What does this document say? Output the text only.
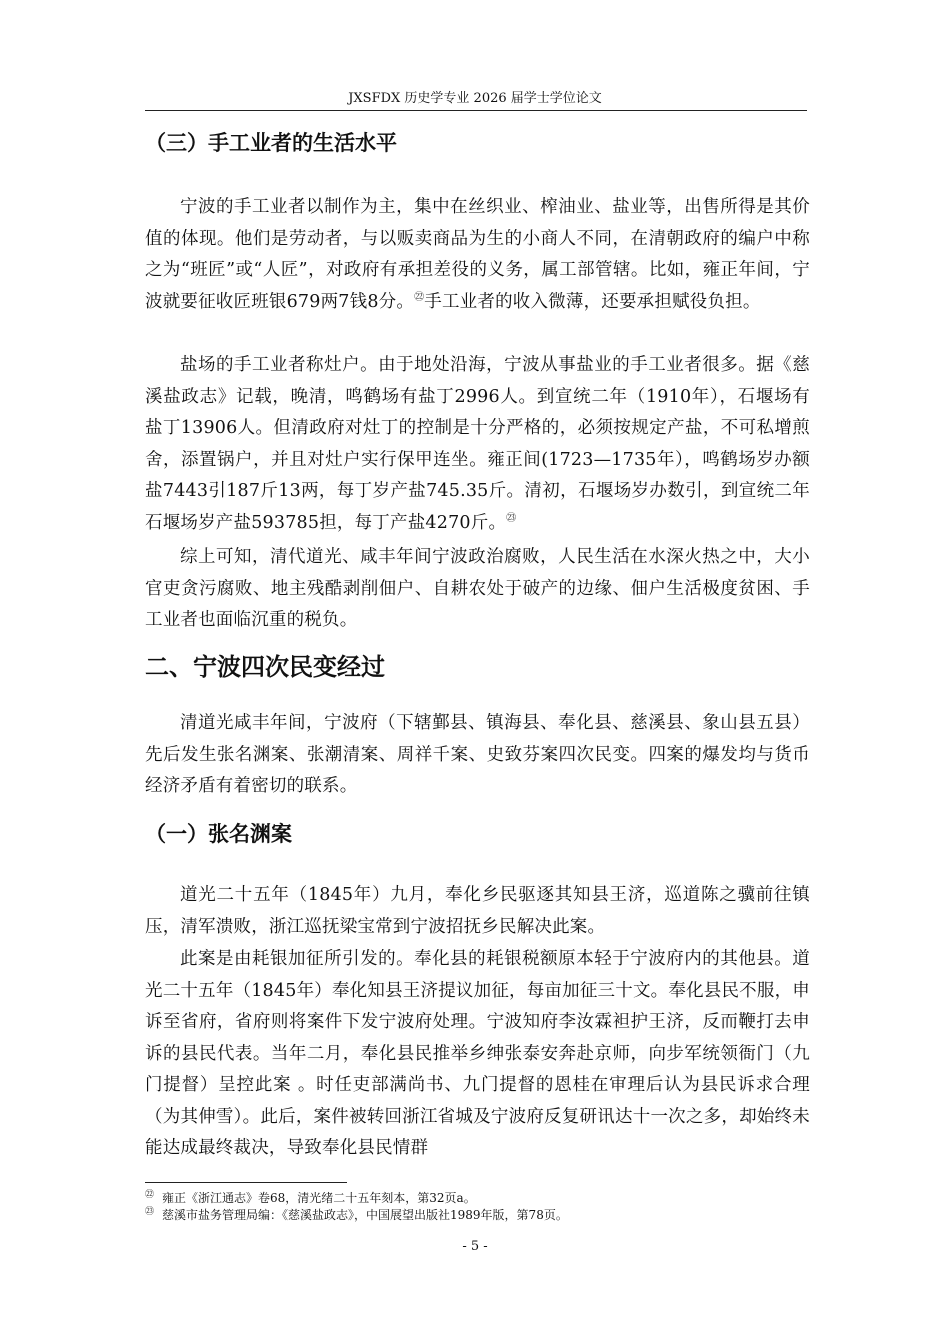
JXSFDX 历史学专业 2026 届学士学位论文
（三）手工业者的生活水平

宁波的手工业者以制作为主，集中在丝织业、榨油业、盐业等，出售所得是其价值的体现。他们是劳动者，与以贩卖商品为生的小商人不同，在清朝政府的编户中称之为“班匠”或“人匠”，对政府有承担差役的义务，属工部管辖。比如，雍正年间，宁波就要征收匠班银679两7钱8分。$^㉒$手工业者的收入微薄，还要承担赋役负担。

盐场的手工业者称灶户。由于地处沿海，宁波从事盐业的手工业者很多。据《慈溪盐政志》记载，晚清，鸣鹤场有盐丁2996人。到宣统二年（1910年），石堰场有盐丁13906人。但清政府对灶丁的控制是十分严格的，必须按规定产盐，不可私增煎舍，添置锅户，并且对灶户实行保甲连坐。雍正间(1723—1735年），鸣鹤场岁办额盐7443引187斤13两，每丁岁产盐745.35斤。清初，石堰场岁办数引，到宣统二年石堰场岁产盐593785担，每丁产盐4270斤。$^㉓$

综上可知，清代道光、咸丰年间宁波政治腐败，人民生活在水深火热之中，大小官吏贪污腐败、地主残酷剥削佃户、自耕农处于破产的边缘、佃户生活极度贫困、手工业者也面临沉重的税负。

二、宁波四次民变经过

清道光咸丰年间，宁波府（下辖鄞县、镇海县、奉化县、慈溪县、象山县五县）先后发生张名渊案、张潮清案、周祥千案、史致芬案四次民变。四案的爆发均与货币经济矛盾有着密切的联系。

（一）张名渊案

道光二十五年（1845年）九月，奉化乡民驱逐其知县王济，巡道陈之骥前往镇压，清军溃败，浙江巡抚梁宝常到宁波招抚乡民解决此案。

此案是由耗银加征所引发的。奉化县的耗银税额原本轻于宁波府内的其他县。道光二十五年（1845年）奉化知县王济提议加征，每亩加征三十文。奉化县民不服，申诉至省府，省府则将案件下发宁波府处理。宁波知府李汝霖袒护王济，反而鞭打去申诉的县民代表。当年二月，奉化县民推举乡绅张泰安奔赴京师，向步军统领衙门（九门提督）呈控此案 。时任吏部满尚书、九门提督的恩桂在审理后认为县民诉求合理（为其伸雪）。此后，案件被转回浙江省城及宁波府反复研讯达十一次之多，却始终未能达成最终裁决，导致奉化县民情群

$^㉒$ 雍正《浙江通志》卷68，清光绪二十五年刻本，第32页a。
$^㉓$ 慈溪市盐务管理局编：《慈溪盐政志》，中国展望出版社1989年版，第78页。
- 5 -
